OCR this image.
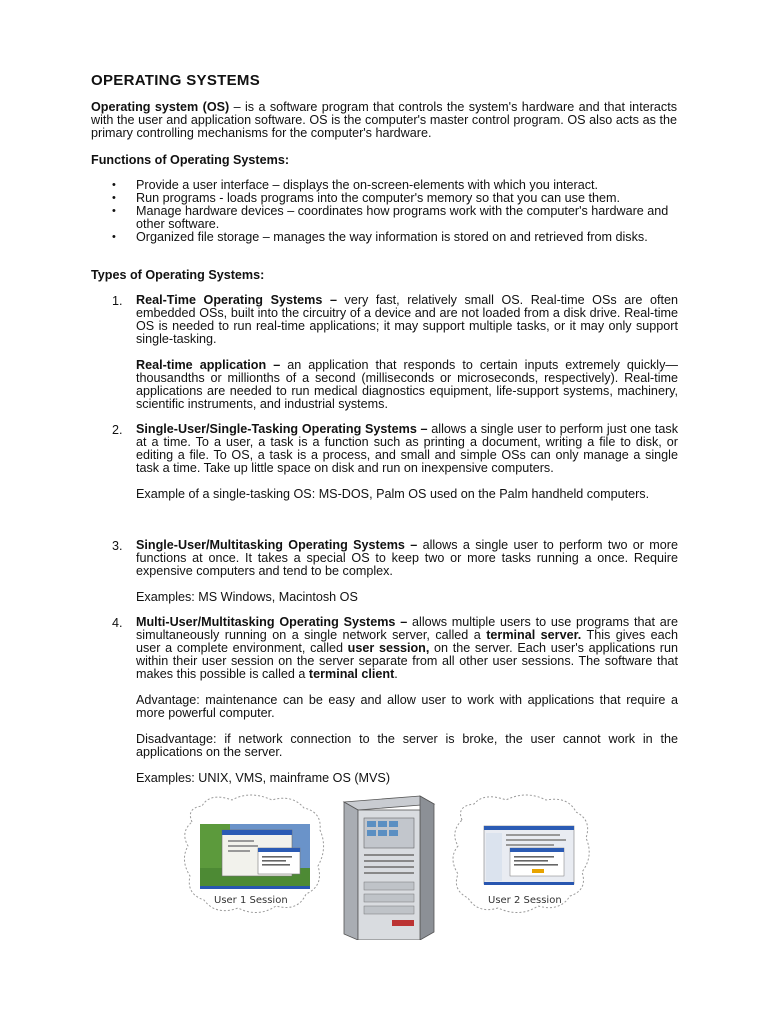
OPERATING SYSTEMS

Operating system (OS) – is a software program that controls the system's hardware and that interacts with the user and application software. OS is the computer's master control program. OS also acts as the primary controlling mechanisms for the computer's hardware.

Functions of Operating Systems:
• Provide a user interface – displays the on-screen-elements with which you interact.
• Run programs - loads programs into the computer's memory so that you can use them.
• Manage hardware devices – coordinates how programs work with the computer's hardware and other software.
• Organized file storage – manages the way information is stored on and retrieved from disks.
Types of Operating Systems:
1. Real-Time Operating Systems – very fast, relatively small OS. Real-time OSs are often embedded OSs, built into the circuitry of a device and are not loaded from a disk drive. Real-time OS is needed to run real-time applications; it may support multiple tasks, or it may only support single-tasking.

Real-time application – an application that responds to certain inputs extremely quickly—thousandths or millionths of a second (milliseconds or microseconds, respectively). Real-time applications are needed to run medical diagnostics equipment, life-support systems, machinery, scientific instruments, and industrial systems.

2. Single-User/Single-Tasking Operating Systems – allows a single user to perform just one task at a time. To a user, a task is a function such as printing a document, writing a file to disk, or editing a file. To OS, a task is a process, and small and simple OSs can only manage a single task a time. Take up little space on disk and run on inexpensive computers.

Example of a single-tasking OS: MS-DOS, Palm OS used on the Palm handheld computers.

3. Single-User/Multitasking Operating Systems – allows a single user to perform two or more functions at once. It takes a special OS to keep two or more tasks running a once. Require expensive computers and tend to be complex.

Examples: MS Windows, Macintosh OS

4. Multi-User/Multitasking Operating Systems – allows multiple users to use programs that are simultaneously running on a single network server, called a terminal server. This gives each user a complete environment, called user session, on the server. Each user's applications run within their user session on the server separate from all other user sessions. The software that makes this possible is called a terminal client.

Advantage: maintenance can be easy and allow user to work with applications that require a more powerful computer.

Disadvantage: if network connection to the server is broke, the user cannot work in the applications on the server.

Examples: UNIX, VMS, mainframe OS (MVS)

User 1 Session	User 2 Session
